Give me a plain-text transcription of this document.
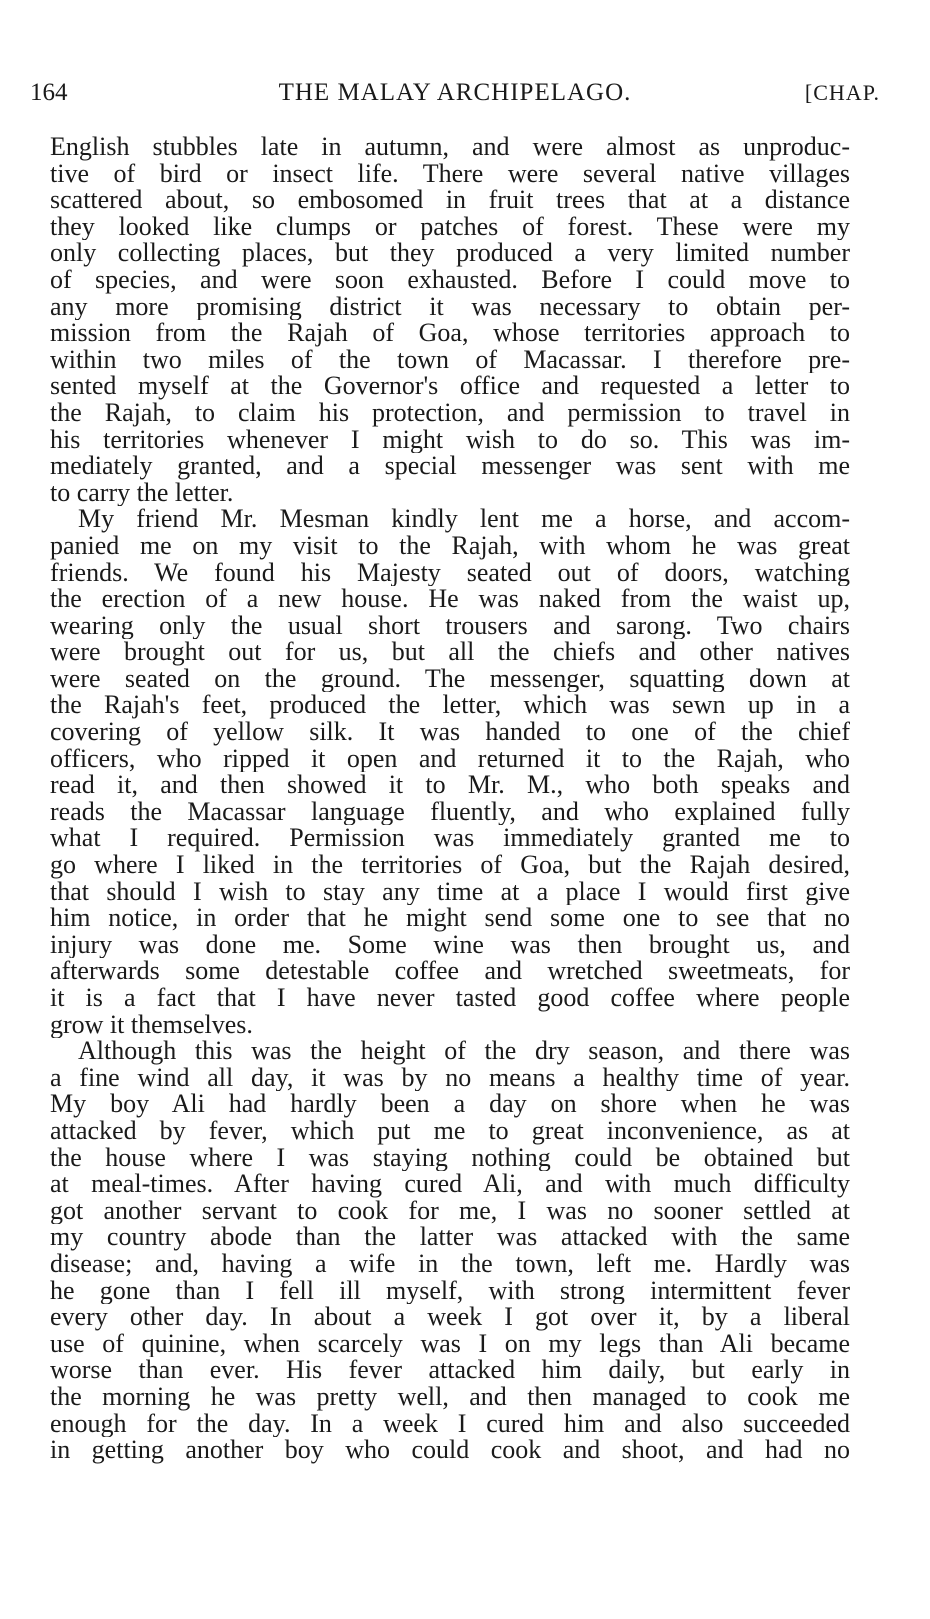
164	THE MALAY ARCHIPELAGO.	[CHAP.
English stubbles late in autumn, and were almost as unproduc-
tive of bird or insect life. There were several native villages
scattered about, so embosomed in fruit trees that at a distance
they looked like clumps or patches of forest. These were my
only collecting places, but they produced a very limited number
of species, and were soon exhausted. Before I could move to
any more promising district it was necessary to obtain per-
mission from the Rajah of Goa, whose territories approach to
within two miles of the town of Macassar. I therefore pre-
sented myself at the Governor's office and requested a letter to
the Rajah, to claim his protection, and permission to travel in
his territories whenever I might wish to do so. This was im-
mediately granted, and a special messenger was sent with me
to carry the letter.
My friend Mr. Mesman kindly lent me a horse, and accom-
panied me on my visit to the Rajah, with whom he was great
friends. We found his Majesty seated out of doors, watching
the erection of a new house. He was naked from the waist up,
wearing only the usual short trousers and sarong. Two chairs
were brought out for us, but all the chiefs and other natives
were seated on the ground. The messenger, squatting down at
the Rajah's feet, produced the letter, which was sewn up in a
covering of yellow silk. It was handed to one of the chief
officers, who ripped it open and returned it to the Rajah, who
read it, and then showed it to Mr. M., who both speaks and
reads the Macassar language fluently, and who explained fully
what I required. Permission was immediately granted me to
go where I liked in the territories of Goa, but the Rajah desired,
that should I wish to stay any time at a place I would first give
him notice, in order that he might send some one to see that no
injury was done me. Some wine was then brought us, and
afterwards some detestable coffee and wretched sweetmeats, for
it is a fact that I have never tasted good coffee where people
grow it themselves.
Although this was the height of the dry season, and there was
a fine wind all day, it was by no means a healthy time of year.
My boy Ali had hardly been a day on shore when he was
attacked by fever, which put me to great inconvenience, as at
the house where I was staying nothing could be obtained but
at meal-times. After having cured Ali, and with much difficulty
got another servant to cook for me, I was no sooner settled at
my country abode than the latter was attacked with the same
disease; and, having a wife in the town, left me. Hardly was
he gone than I fell ill myself, with strong intermittent fever
every other day. In about a week I got over it, by a liberal
use of quinine, when scarcely was I on my legs than Ali became
worse than ever. His fever attacked him daily, but early in
the morning he was pretty well, and then managed to cook me
enough for the day. In a week I cured him and also succeeded
in getting another boy who could cook and shoot, and had no
